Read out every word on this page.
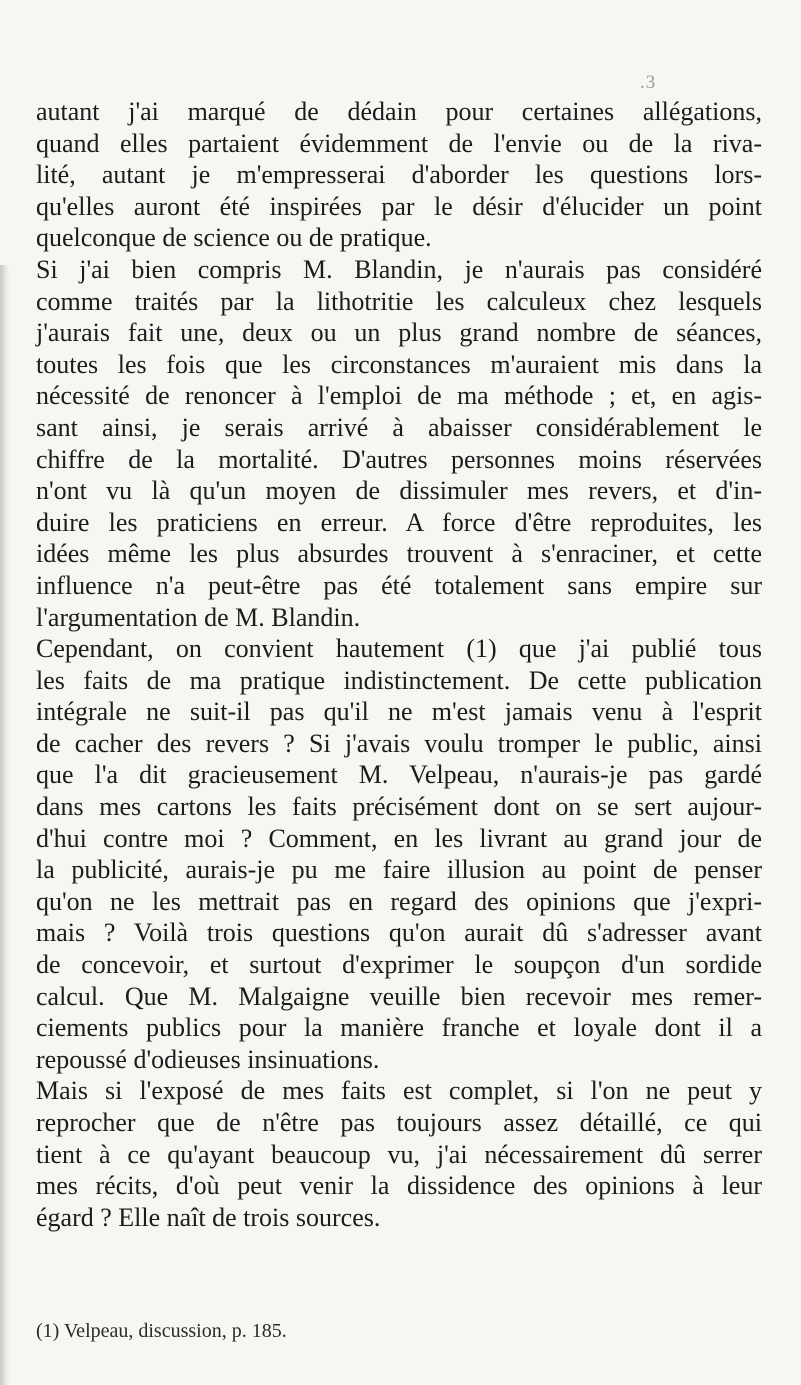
.3

autant j'ai marqué de dédain pour certaines allégations,
quand elles partaient évidemment de l'envie ou de la riva-
lité, autant je m'empresserai d'aborder les questions lors-
qu'elles auront été inspirées par le désir d'élucider un point
quelconque de science ou de pratique.

Si j'ai bien compris M. Blandin, je n'aurais pas considéré
comme traités par la lithotritie les calculeux chez lesquels
j'aurais fait une, deux ou un plus grand nombre de séances,
toutes les fois que les circonstances m'auraient mis dans la
nécessité de renoncer à l'emploi de ma méthode ; et, en agis-
sant ainsi, je serais arrivé à abaisser considérablement le
chiffre de la mortalité. D'autres personnes moins réservées
n'ont vu là qu'un moyen de dissimuler mes revers, et d'in-
duire les praticiens en erreur. A force d'être reproduites, les
idées même les plus absurdes trouvent à s'enraciner, et cette
influence n'a peut-être pas été totalement sans empire sur
l'argumentation de M. Blandin.

Cependant, on convient hautement (1) que j'ai publié tous
les faits de ma pratique indistinctement. De cette publication
intégrale ne suit-il pas qu'il ne m'est jamais venu à l'esprit
de cacher des revers ? Si j'avais voulu tromper le public, ainsi
que l'a dit gracieusement M. Velpeau, n'aurais-je pas gardé
dans mes cartons les faits précisément dont on se sert aujour-
d'hui contre moi ? Comment, en les livrant au grand jour de
la publicité, aurais-je pu me faire illusion au point de penser
qu'on ne les mettrait pas en regard des opinions que j'expri-
mais ? Voilà trois questions qu'on aurait dû s'adresser avant
de concevoir, et surtout d'exprimer le soupçon d'un sordide
calcul. Que M. Malgaigne veuille bien recevoir mes remer-
ciements publics pour la manière franche et loyale dont il a
repoussé d'odieuses insinuations.

Mais si l'exposé de mes faits est complet, si l'on ne peut y
reprocher que de n'être pas toujours assez détaillé, ce qui
tient à ce qu'ayant beaucoup vu, j'ai nécessairement dû serrer
mes récits, d'où peut venir la dissidence des opinions à leur
égard ? Elle naît de trois sources.

(1) Velpeau, discussion, p. 185.
